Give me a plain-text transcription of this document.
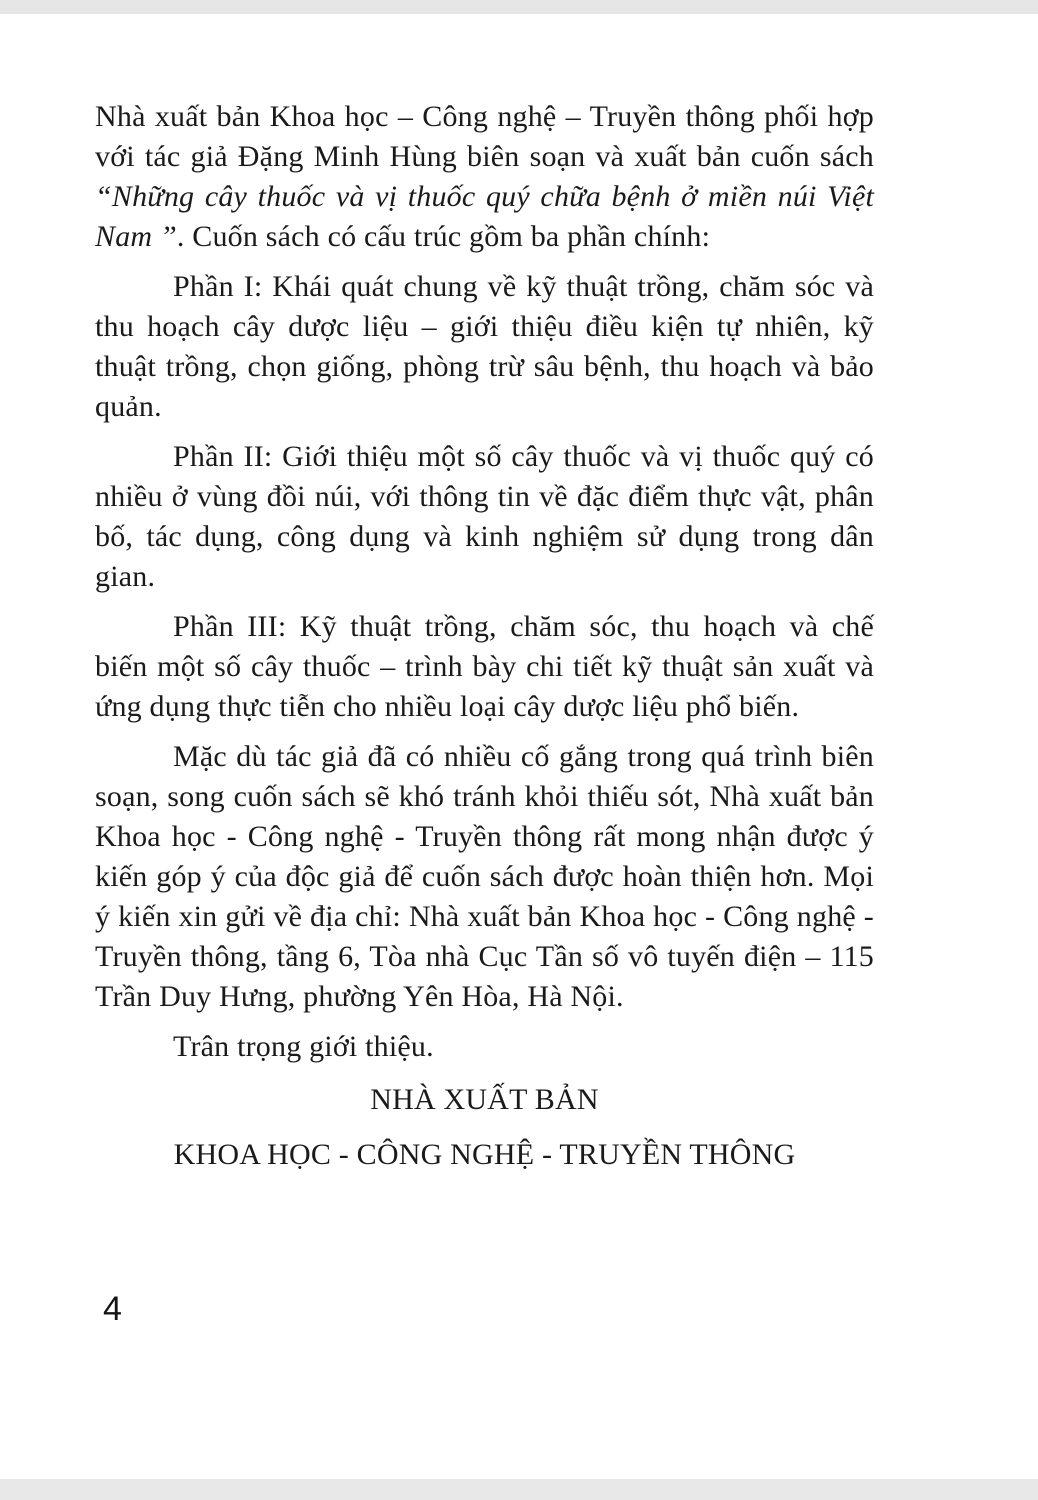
Nhà xuất bản Khoa học – Công nghệ – Truyền thông phối hợp với tác giả Đặng Minh Hùng biên soạn và xuất bản cuốn sách “Những cây thuốc và vị thuốc quý chữa bệnh ở miền núi Việt Nam ”. Cuốn sách có cấu trúc gồm ba phần chính:

Phần I: Khái quát chung về kỹ thuật trồng, chăm sóc và thu hoạch cây dược liệu – giới thiệu điều kiện tự nhiên, kỹ thuật trồng, chọn giống, phòng trừ sâu bệnh, thu hoạch và bảo quản.

Phần II: Giới thiệu một số cây thuốc và vị thuốc quý có nhiều ở vùng đồi núi, với thông tin về đặc điểm thực vật, phân bố, tác dụng, công dụng và kinh nghiệm sử dụng trong dân gian.

Phần III: Kỹ thuật trồng, chăm sóc, thu hoạch và chế biến một số cây thuốc – trình bày chi tiết kỹ thuật sản xuất và ứng dụng thực tiễn cho nhiều loại cây dược liệu phổ biến.

Mặc dù tác giả đã có nhiều cố gắng trong quá trình biên soạn, song cuốn sách sẽ khó tránh khỏi thiếu sót, Nhà xuất bản Khoa học - Công nghệ - Truyền thông rất mong nhận được ý kiến góp ý của độc giả để cuốn sách được hoàn thiện hơn. Mọi ý kiến xin gửi về địa chỉ: Nhà xuất bản Khoa học - Công nghệ - Truyền thông, tầng 6, Tòa nhà Cục Tần số vô tuyến điện – 115 Trần Duy Hưng, phường Yên Hòa, Hà Nội.

Trân trọng giới thiệu.

NHÀ XUẤT BẢN

KHOA HỌC - CÔNG NGHỆ - TRUYỀN THÔNG

4
